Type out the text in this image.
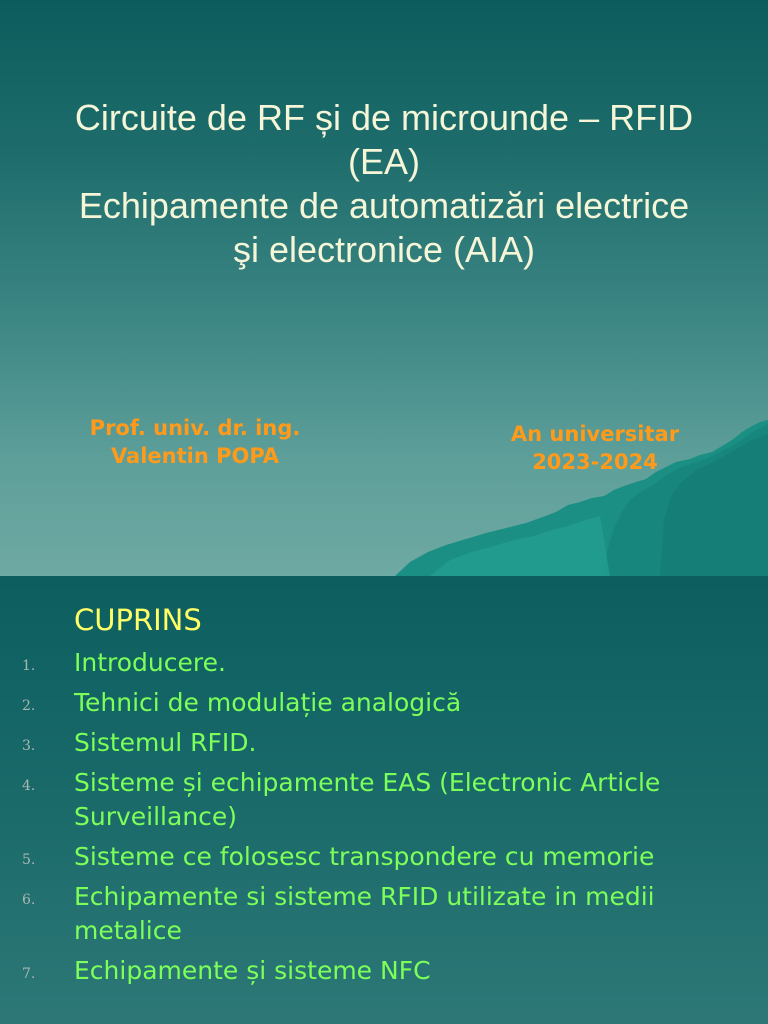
Circuite de RF și de microunde – RFID
(EA)
Echipamente de automatizări electrice
şi electronice (AIA)
Prof. univ. dr. ing.
Valentin POPA
An universitar
2023-2024
CUPRINS
1. Introducere.
2. Tehnici de modulație analogică
3. Sistemul RFID.
4. Sisteme și echipamente EAS (Electronic Article Surveillance)
5. Sisteme ce folosesc transpondere cu memorie
6. Echipamente si sisteme RFID utilizate in medii metalice
7. Echipamente și sisteme NFC
